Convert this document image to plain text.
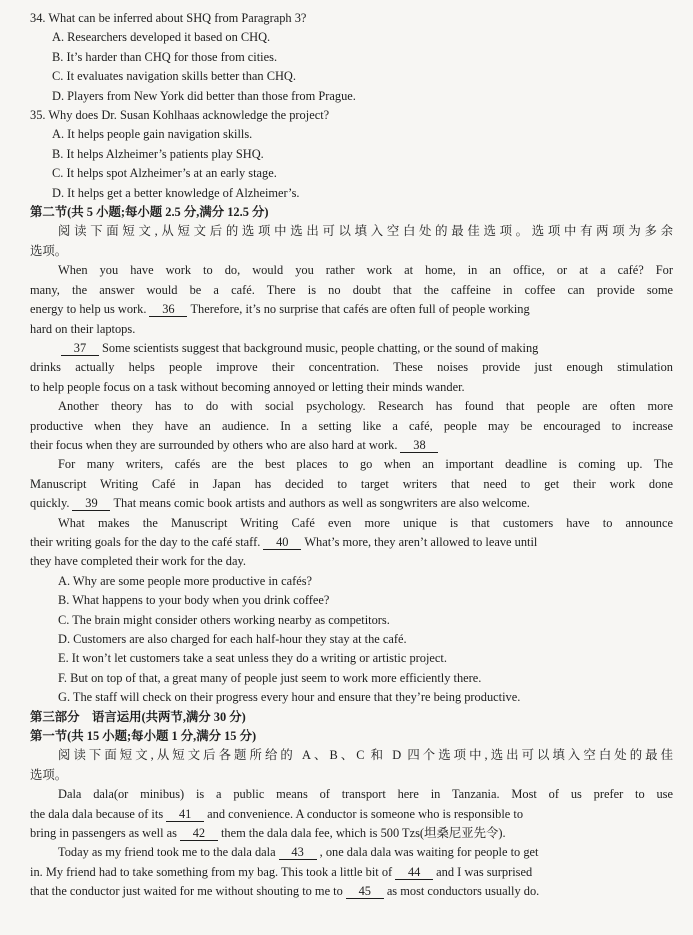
34. What can be inferred about SHQ from Paragraph 3?
A. Researchers developed it based on CHQ.
B. It’s harder than CHQ for those from cities.
C. It evaluates navigation skills better than CHQ.
D. Players from New York did better than those from Prague.
35. Why does Dr. Susan Kohlhaas acknowledge the project?
A. It helps people gain navigation skills.
B. It helps Alzheimer’s patients play SHQ.
C. It helps spot Alzheimer’s at an early stage.
D. It helps get a better knowledge of Alzheimer’s.
第二节(共 5 小题;每小题 2.5 分,满分 12.5 分)
阅读下面短文,从短文后的选项中选出可以填入空白处的最佳选项。选项中有两项为多余
选项。
When you have work to do, would you rather work at home, in an office, or at a café? For
many, the answer would be a café. There is no doubt that the caffeine in coffee can provide some
energy to help us work. 36 Therefore, it’s no surprise that cafés are often full of people working
hard on their laptops.
37 Some scientists suggest that background music, people chatting, or the sound of making
drinks actually helps people improve their concentration. These noises provide just enough stimulation
to help people focus on a task without becoming annoyed or letting their minds wander.
Another theory has to do with social psychology. Research has found that people are often more
productive when they have an audience. In a setting like a café, people may be encouraged to increase
their focus when they are surrounded by others who are also hard at work. 38
For many writers, cafés are the best places to go when an important deadline is coming up. The
Manuscript Writing Café in Japan has decided to target writers that need to get their work done
quickly. 39 That means comic book artists and authors as well as songwriters are also welcome.
What makes the Manuscript Writing Café even more unique is that customers have to announce
their writing goals for the day to the café staff. 40 What’s more, they aren’t allowed to leave until
they have completed their work for the day.
A. Why are some people more productive in cafés?
B. What happens to your body when you drink coffee?
C. The brain might consider others working nearby as competitors.
D. Customers are also charged for each half-hour they stay at the café.
E. It won’t let customers take a seat unless they do a writing or artistic project.
F. But on top of that, a great many of people just seem to work more efficiently there.
G. The staff will check on their progress every hour and ensure that they’re being productive.
第三部分　语言运用(共两节,满分 30 分)
第一节(共 15 小题;每小题 1 分,满分 15 分)
阅读下面短文,从短文后各题所给的 A、B、C 和 D 四个选项中,选出可以填入空白处的最佳
选项。
Dala dala(or minibus) is a public means of transport here in Tanzania. Most of us prefer to use
the dala dala because of its 41 and convenience. A conductor is someone who is responsible to
bring in passengers as well as 42 them the dala dala fee, which is 500 Tzs(坦桑尼亚先令).
Today as my friend took me to the dala dala 43 , one dala dala was waiting for people to get
in. My friend had to take something from my bag. This took a little bit of 44 and I was surprised
that the conductor just waited for me without shouting to me to 45 as most conductors usually do.
